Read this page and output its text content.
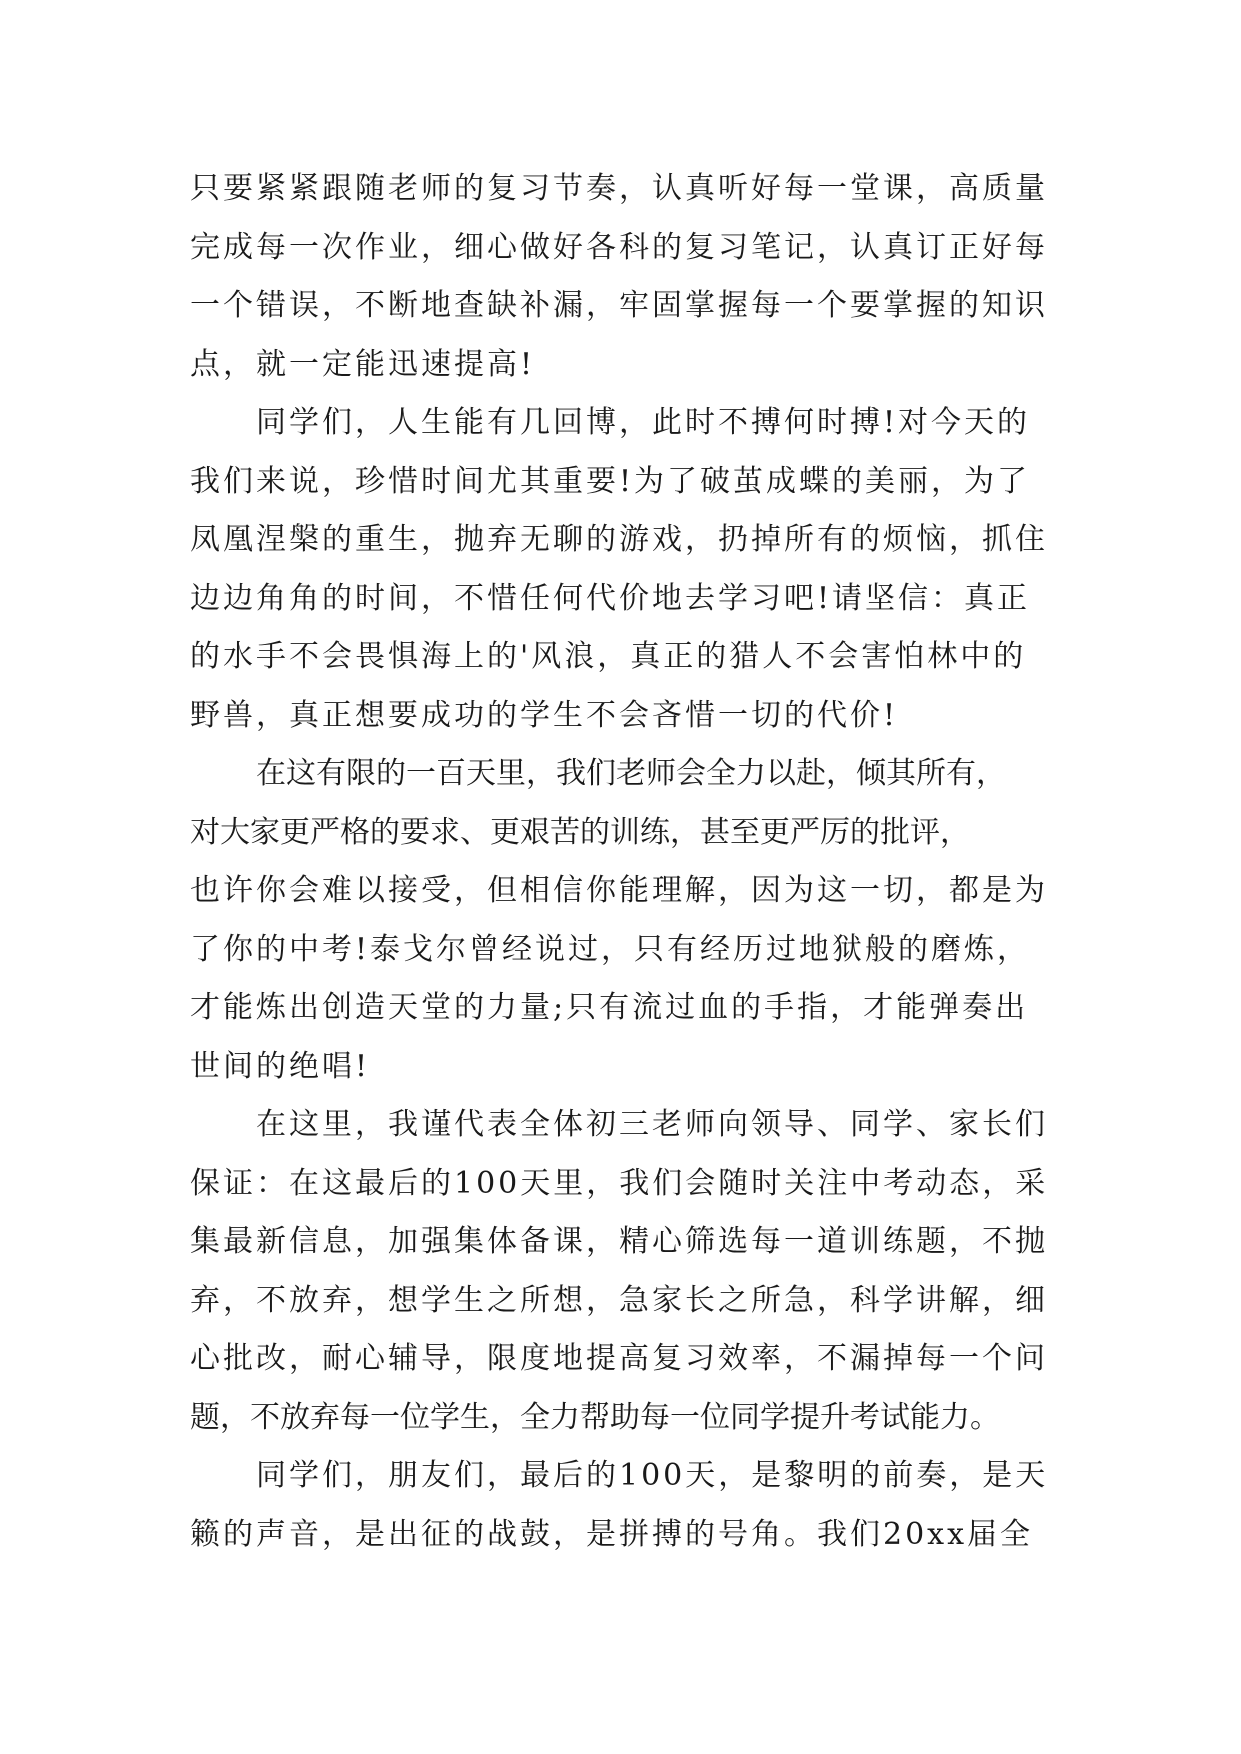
只要紧紧跟随老师的复习节奏，认真听好每一堂课，高质量
完成每一次作业，细心做好各科的复习笔记，认真订正好每
一个错误，不断地查缺补漏，牢固掌握每一个要掌握的知识
点，就一定能迅速提高!
同学们，人生能有几回博，此时不搏何时搏!对今天的
我们来说，珍惜时间尤其重要!为了破茧成蝶的美丽，为了
凤凰涅槃的重生，抛弃无聊的游戏，扔掉所有的烦恼，抓住
边边角角的时间，不惜任何代价地去学习吧!请坚信：真正
的水手不会畏惧海上的'风浪，真正的猎人不会害怕林中的
野兽，真正想要成功的学生不会吝惜一切的代价!
在这有限的一百天里，我们老师会全力以赴，倾其所有，
对大家更严格的要求、更艰苦的训练，甚至更严厉的批评，
也许你会难以接受，但相信你能理解，因为这一切，都是为
了你的中考!泰戈尔曾经说过，只有经历过地狱般的磨炼，
才能炼出创造天堂的力量;只有流过血的手指，才能弹奏出
世间的绝唱!
在这里，我谨代表全体初三老师向领导、同学、家长们
保证：在这最后的100天里，我们会随时关注中考动态，采
集最新信息，加强集体备课，精心筛选每一道训练题，不抛
弃，不放弃，想学生之所想，急家长之所急，科学讲解，细
心批改，耐心辅导，限度地提高复习效率，不漏掉每一个问
题，不放弃每一位学生，全力帮助每一位同学提升考试能力。
同学们，朋友们，最后的100天，是黎明的前奏，是天
籁的声音，是出征的战鼓，是拼搏的号角。我们20xx届全
